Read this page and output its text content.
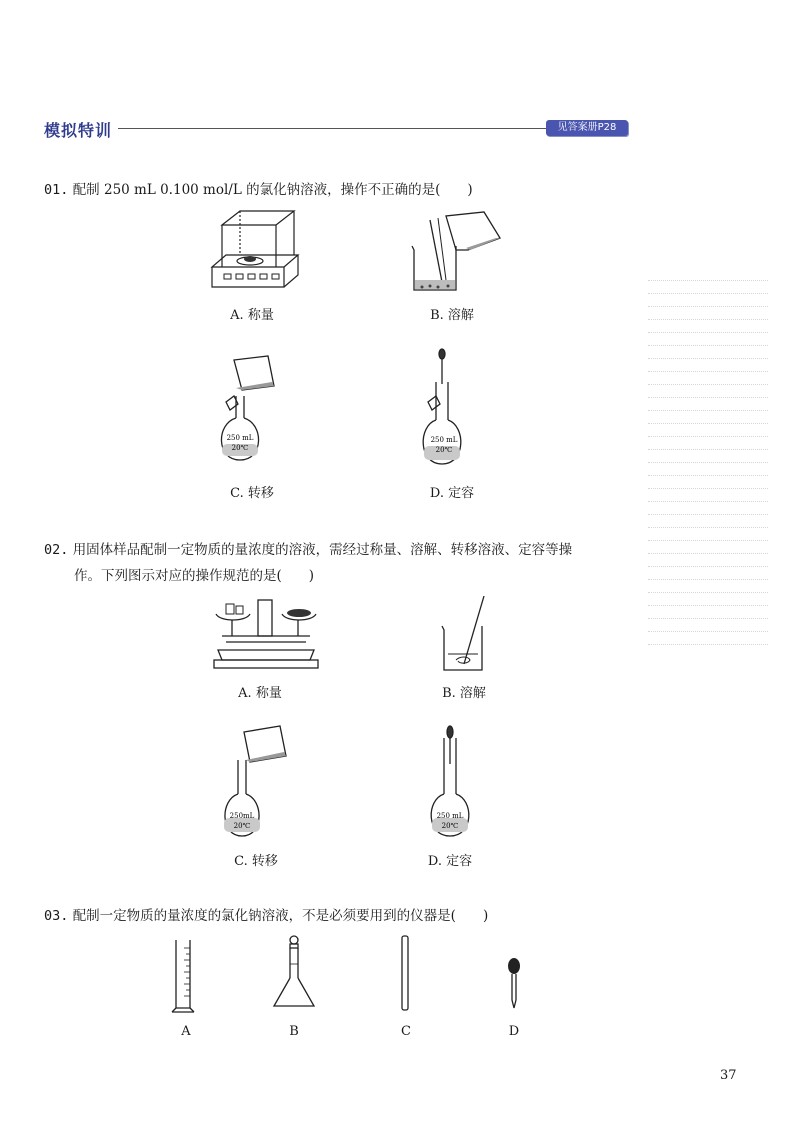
模拟特训	见答案册P28
01. 配制 250 mL 0.100 mol/L 的氯化钠溶液，操作不正确的是(　　)
A. 称量	B. 溶解
250 mL
20℃
C. 转移
250 mL
20℃
D. 定容
02. 用固体样品配制一定物质的量浓度的溶液，需经过称量、溶解、转移溶液、定容等操
作。下列图示对应的操作规范的是(　　)
A. 称量	B. 溶解
250mL
20℃
C. 转移
250 mL
20℃
D. 定容
03. 配制一定物质的量浓度的氯化钠溶液，不是必须要用到的仪器是(　　)
A	B	C	D
37
